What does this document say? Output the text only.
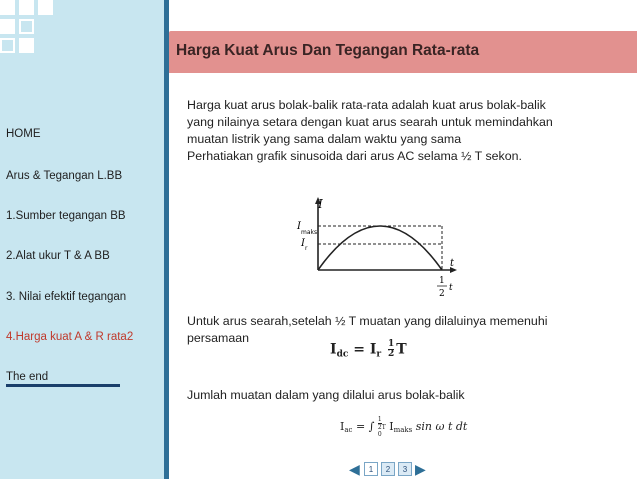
HOME

Arus & Tegangan L.BB

1.Sumber tegangan BB

2.Alat ukur T & A BB

3. Nilai efektif tegangan

4.Harga kuat A & R rata2

The end

Harga Kuat Arus Dan Tegangan Rata-rata

Harga kuat arus bolak-balik rata-rata adalah kuat arus bolak-balik

yang nilainya setara dengan kuat arus searah untuk memindahkan

muatan listrik yang sama dalam waktu yang sama

Perhatiakan grafik sinusoida dari arus AC selama ½ T sekon.

I
I
maks
I r
t
1
2
t

Untuk arus searah,setelah ½ T muatan yang dilaluinya memenuhi

persamaan

$I_{dc} = I_r \frac{1}{2}$ T

Jumlah muatan dalam yang dilalui arus bolak-balik

Iac = ∫ $\frac{1}{2}$ T
0
Imaks sin ω t dt
◀	1	2	3 ▶
